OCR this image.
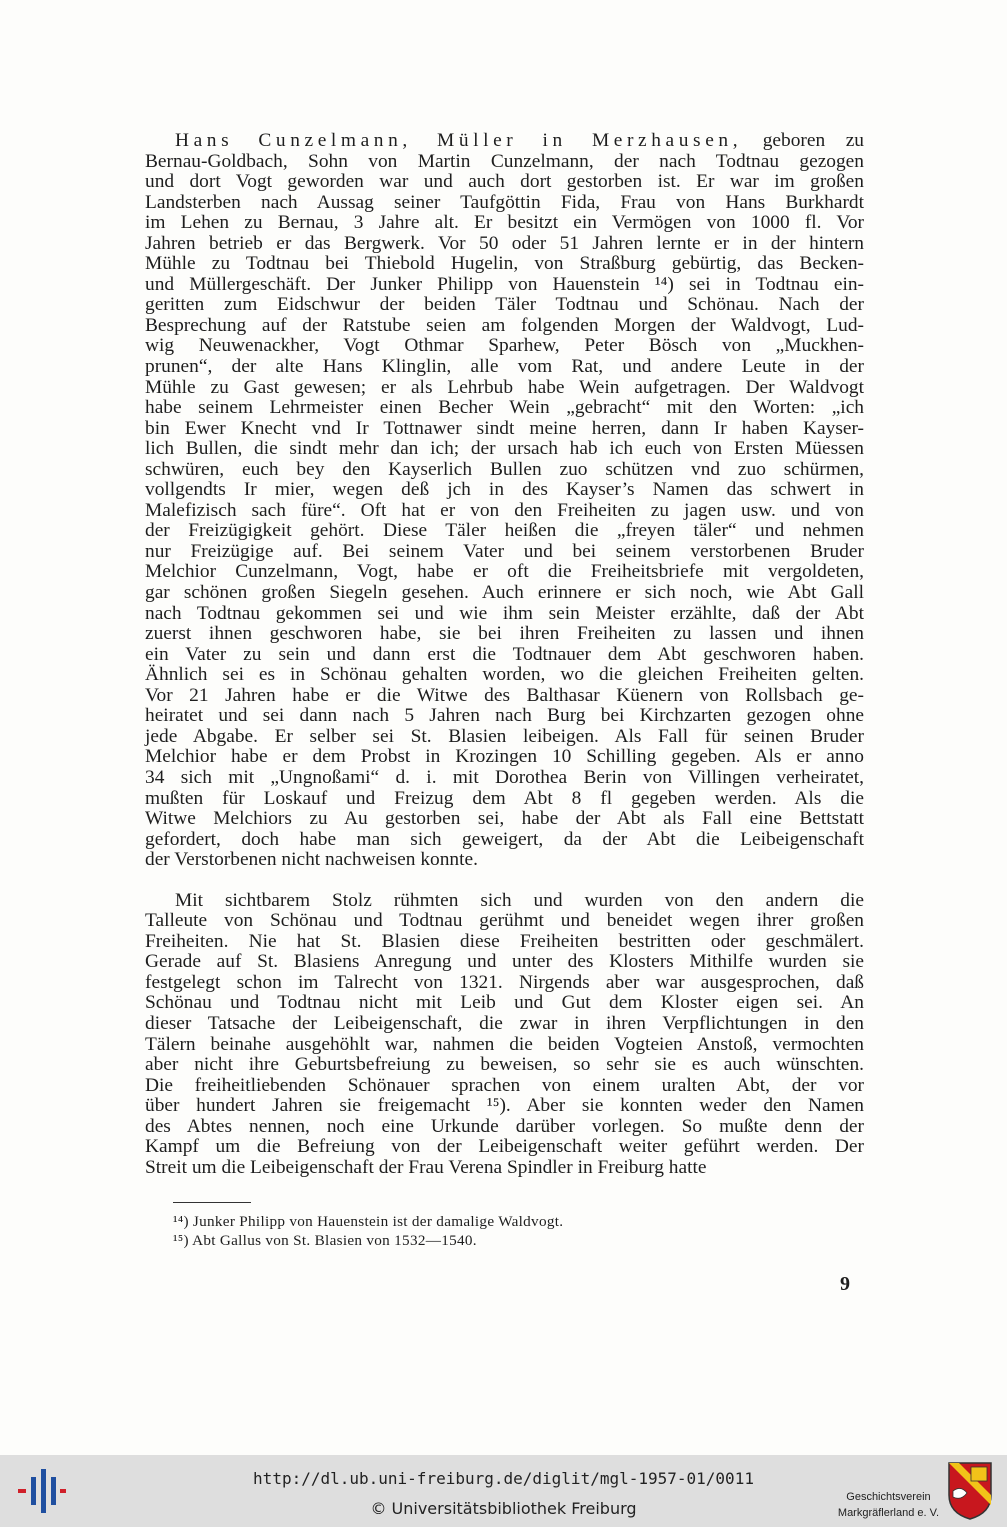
Hans Cunzelmann, Müller in Merzhausen, geboren zu
Bernau-Goldbach, Sohn von Martin Cunzelmann, der nach Todtnau gezogen
und dort Vogt geworden war und auch dort gestorben ist. Er war im großen
Landsterben nach Aussag seiner Taufgöttin Fida, Frau von Hans Burkhardt
im Lehen zu Bernau, 3 Jahre alt. Er besitzt ein Vermögen von 1000 fl. Vor
Jahren betrieb er das Bergwerk. Vor 50 oder 51 Jahren lernte er in der hintern
Mühle zu Todtnau bei Thiebold Hugelin, von Straßburg gebürtig, das Becken-
und Müllergeschäft. Der Junker Philipp von Hauenstein ¹⁴) sei in Todtnau ein-
geritten zum Eidschwur der beiden Täler Todtnau und Schönau. Nach der
Besprechung auf der Ratstube seien am folgenden Morgen der Waldvogt, Lud-
wig Neuwenackher, Vogt Othmar Sparhew, Peter Bösch von „Muckhen-
prunen“, der alte Hans Klinglin, alle vom Rat, und andere Leute in der
Mühle zu Gast gewesen; er als Lehrbub habe Wein aufgetragen. Der Waldvogt
habe seinem Lehrmeister einen Becher Wein „gebracht“ mit den Worten: „ich
bin Ewer Knecht vnd Ir Tottnawer sindt meine herren, dann Ir haben Kayser-
lich Bullen, die sindt mehr dan ich; der ursach hab ich euch von Ersten Müessen
schwüren, euch bey den Kayserlich Bullen zuo schützen vnd zuo schürmen,
vollgendts Ir mier, wegen deß jch in des Kayser’s Namen das schwert in
Malefizisch sach füre“. Oft hat er von den Freiheiten zu jagen usw. und von
der Freizügigkeit gehört. Diese Täler heißen die „freyen täler“ und nehmen
nur Freizügige auf. Bei seinem Vater und bei seinem verstorbenen Bruder
Melchior Cunzelmann, Vogt, habe er oft die Freiheitsbriefe mit vergoldeten,
gar schönen großen Siegeln gesehen. Auch erinnere er sich noch, wie Abt Gall
nach Todtnau gekommen sei und wie ihm sein Meister erzählte, daß der Abt
zuerst ihnen geschworen habe, sie bei ihren Freiheiten zu lassen und ihnen
ein Vater zu sein und dann erst die Todtnauer dem Abt geschworen haben.
Ähnlich sei es in Schönau gehalten worden, wo die gleichen Freiheiten gelten.
Vor 21 Jahren habe er die Witwe des Balthasar Küenern von Rollsbach ge-
heiratet und sei dann nach 5 Jahren nach Burg bei Kirchzarten gezogen ohne
jede Abgabe. Er selber sei St. Blasien leibeigen. Als Fall für seinen Bruder
Melchior habe er dem Probst in Krozingen 10 Schilling gegeben. Als er anno
34 sich mit „Ungnoßami“ d. i. mit Dorothea Berin von Villingen verheiratet,
mußten für Loskauf und Freizug dem Abt 8 fl gegeben werden. Als die
Witwe Melchiors zu Au gestorben sei, habe der Abt als Fall eine Bettstatt
gefordert, doch habe man sich geweigert, da der Abt die Leibeigenschaft
der Verstorbenen nicht nachweisen konnte.
Mit sichtbarem Stolz rühmten sich und wurden von den andern die
Talleute von Schönau und Todtnau gerühmt und beneidet wegen ihrer großen
Freiheiten. Nie hat St. Blasien diese Freiheiten bestritten oder geschmälert.
Gerade auf St. Blasiens Anregung und unter des Klosters Mithilfe wurden sie
festgelegt schon im Talrecht von 1321. Nirgends aber war ausgesprochen, daß
Schönau und Todtnau nicht mit Leib und Gut dem Kloster eigen sei. An
dieser Tatsache der Leibeigenschaft, die zwar in ihren Verpflichtungen in den
Tälern beinahe ausgehöhlt war, nahmen die beiden Vogteien Anstoß, vermochten
aber nicht ihre Geburtsbefreiung zu beweisen, so sehr sie es auch wünschten.
Die freiheitliebenden Schönauer sprachen von einem uralten Abt, der vor
über hundert Jahren sie freigemacht ¹⁵). Aber sie konnten weder den Namen
des Abtes nennen, noch eine Urkunde darüber vorlegen. So mußte denn der
Kampf um die Befreiung von der Leibeigenschaft weiter geführt werden. Der
Streit um die Leibeigenschaft der Frau Verena Spindler in Freiburg hatte
¹⁴) Junker Philipp von Hauenstein ist der damalige Waldvogt.
¹⁵) Abt Gallus von St. Blasien von 1532—1540.
9
http://dl.ub.uni-freiburg.de/diglit/mgl-1957-01/0011
© Universitätsbibliothek Freiburg
Geschichtsverein
Markgräflerland e. V.
